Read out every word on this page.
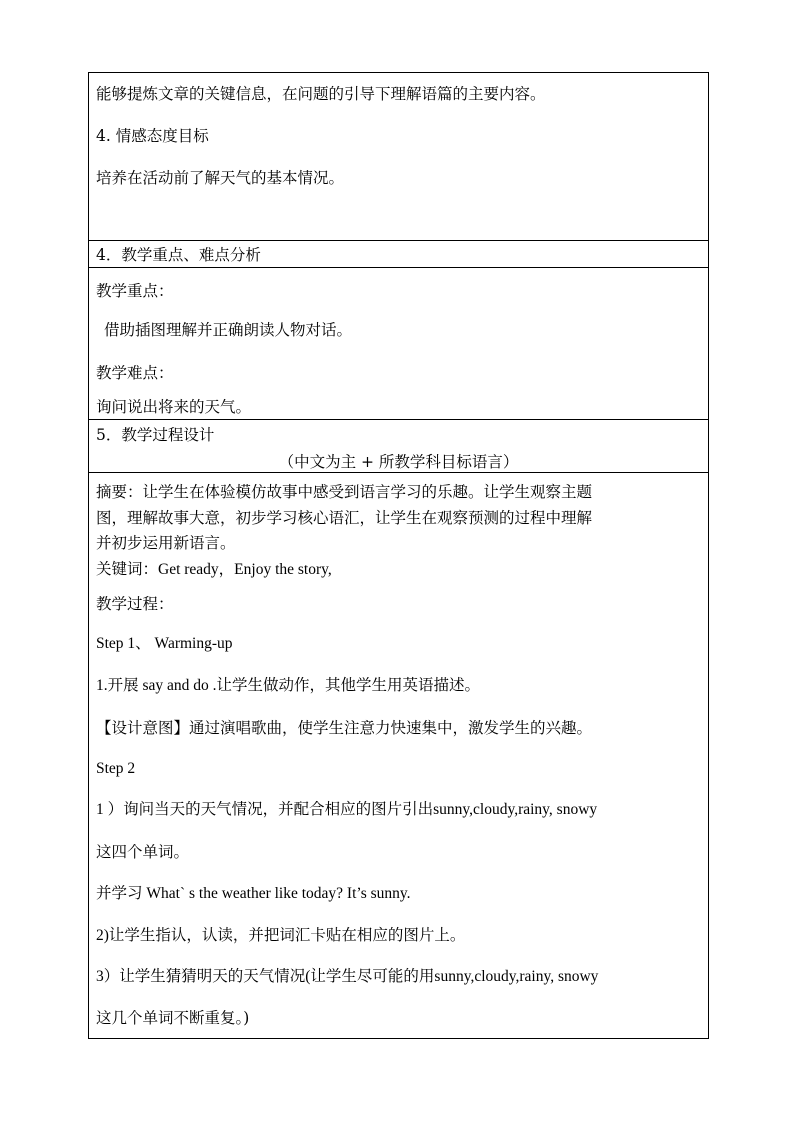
能够提炼文章的关键信息，在问题的引导下理解语篇的主要内容。
4. 情感态度目标
培养在活动前了解天气的基本情况。
4．教学重点、难点分析
教学重点：
借助插图理解并正确朗读人物对话。
教学难点：
询问说出将来的天气。
5．教学过程设计
（中文为主 + 所教学科目标语言）
摘要：让学生在体验模仿故事中感受到语言学习的乐趣。让学生观察主题
图，理解故事大意，初步学习核心语汇，让学生在观察预测的过程中理解
并初步运用新语言。
关键词：Get ready，Enjoy the story,
教学过程：
Step 1、 Warming-up
1.开展 say and do .让学生做动作，其他学生用英语描述。
【设计意图】通过演唱歌曲，使学生注意力快速集中，激发学生的兴趣。
Step 2
1 ）询问当天的天气情况，并配合相应的图片引出sunny,cloudy,rainy, snowy
这四个单词。
并学习 What` s the weather like today? It’s sunny.
2)让学生指认，认读，并把词汇卡贴在相应的图片上。
3）让学生猜猜明天的天气情况(让学生尽可能的用sunny,cloudy,rainy, snowy
这几个单词不断重复。)
